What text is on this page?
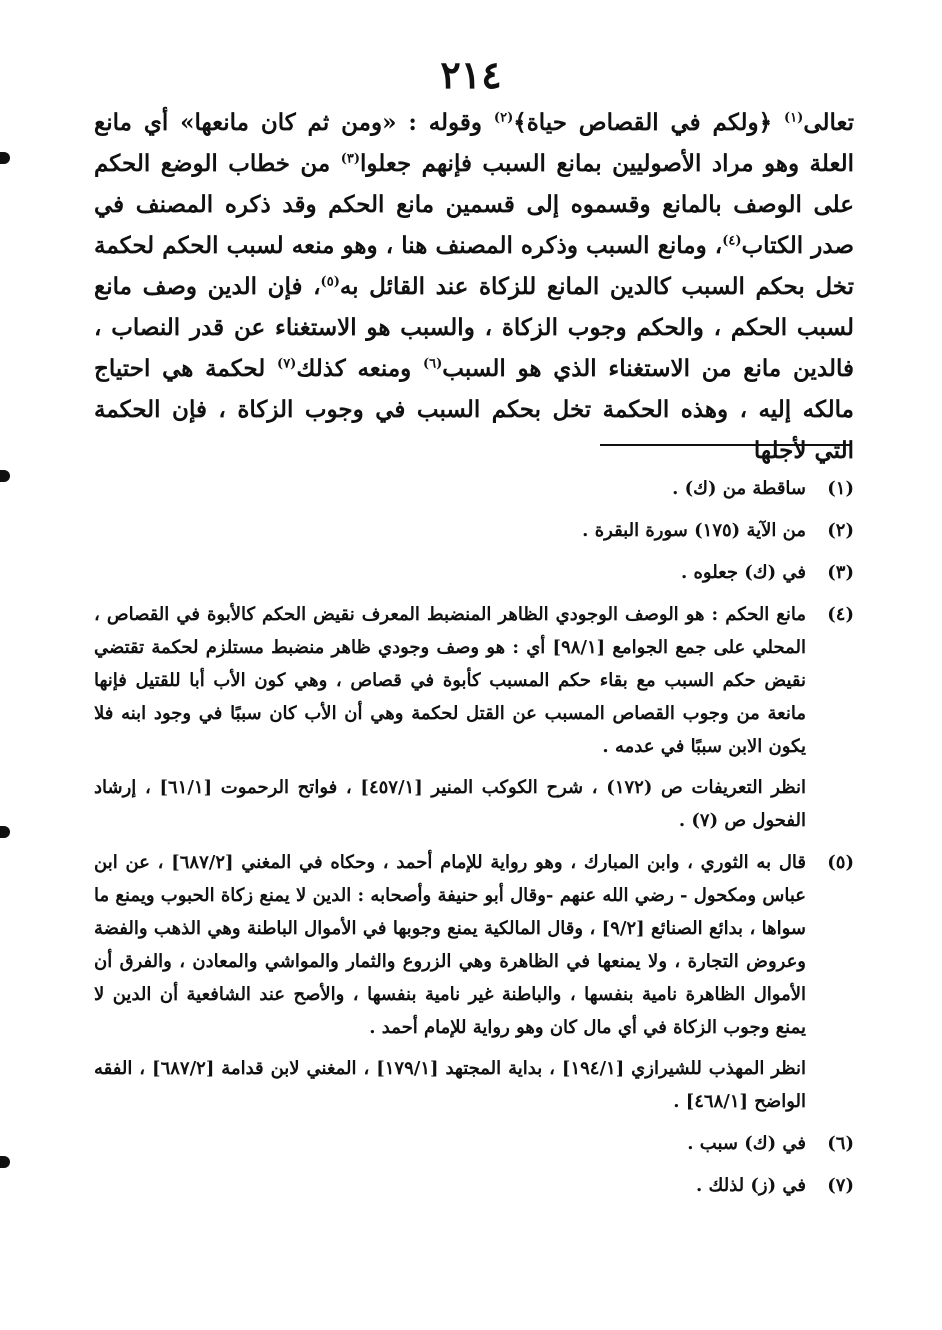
٢١٤
تعالى$^{(١)}$ ﴿ولكم في القصاص حياة﴾$^{(٢)}$ وقوله : «ومن ثم كان مانعها» أي مانع العلة وهو مراد الأصوليين بمانع السبب فإنهم جعلوا$^{(٣)}$ من خطاب الوضع الحكم على الوصف بالمانع وقسموه إلى قسمين مانع الحكم وقد ذكره المصنف في صدر الكتاب$^{(٤)}$، ومانع السبب وذكره المصنف هنا ، وهو منعه لسبب الحكم لحكمة تخل بحكم السبب كالدين المانع للزكاة عند القائل به$^{(٥)}$، فإن الدين وصف مانع لسبب الحكم ، والحكم وجوب الزكاة ، والسبب هو الاستغناء عن قدر النصاب ، فالدين مانع من الاستغناء الذي هو السبب$^{(٦)}$ ومنعه كذلك$^{(٧)}$ لحكمة هي احتياج مالكه إليه ، وهذه الحكمة تخل بحكم السبب في وجوب الزكاة ، فإن الحكمة التي لأجلها
(١)

ساقطة من (ك) .

(٢)

من الآية (١٧٥) سورة البقرة .

(٣)

في (ك) جعلوه .

(٤)

مانع الحكم : هو الوصف الوجودي الظاهر المنضبط المعرف نقيض الحكم كالأبوة في القصاص ، المحلي على جمع الجوامع [٩٨/١] أي : هو وصف وجودي ظاهر منضبط مستلزم لحكمة تقتضي نقيض حكم السبب مع بقاء حكم المسبب كأبوة في قصاص ، وهي كون الأب أبا للقتيل فإنها مانعة من وجوب القصاص المسبب عن القتل لحكمة وهي أن الأب كان سببًا في وجود ابنه فلا يكون الابن سببًا في عدمه .

انظر التعريفات ص (١٧٢) ، شرح الكوكب المنير [٤٥٧/١] ، فواتح الرحموت [٦١/١] ، إرشاد الفحول ص (٧) .

(٥)

قال به الثوري ، وابن المبارك ، وهو رواية للإمام أحمد ، وحكاه في المغني [٦٨٧/٢] ، عن ابن عباس ومكحول - رضي الله عنهم -وقال أبو حنيفة وأصحابه : الدين لا يمنع زكاة الحبوب ويمنع ما سواها ، بدائع الصنائع [٩/٢] ، وقال المالكية يمنع وجوبها في الأموال الباطنة وهي الذهب والفضة وعروض التجارة ، ولا يمنعها في الظاهرة وهي الزروع والثمار والمواشي والمعادن ، والفرق أن الأموال الظاهرة نامية بنفسها ، والباطنة غير نامية بنفسها ، والأصح عند الشافعية أن الدين لا يمنع وجوب الزكاة في أي مال كان وهو رواية للإمام أحمد .

انظر المهذب للشيرازي [١٩٤/١] ، بداية المجتهد [١٧٩/١] ، المغني لابن قدامة [٦٨٧/٢] ، الفقه الواضح [٤٦٨/١] .

(٦)

في (ك) سبب .

(٧)

في (ز) لذلك .
